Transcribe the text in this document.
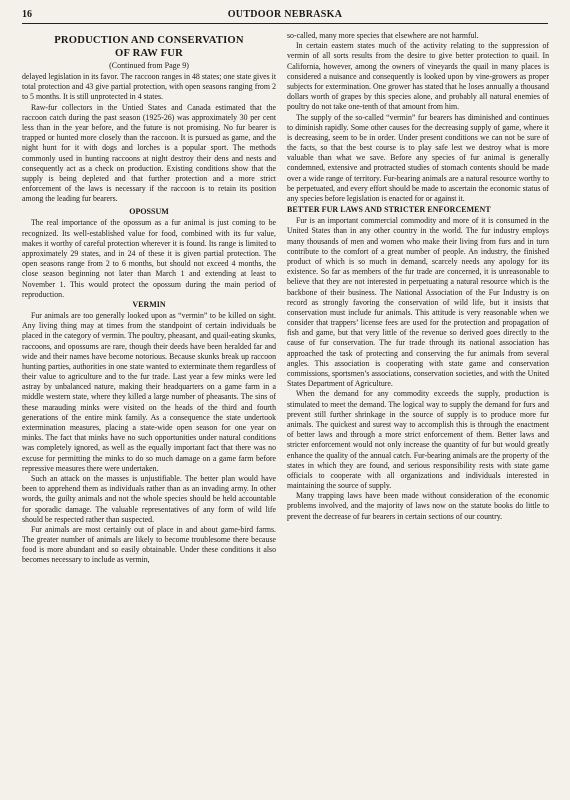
16	OUTDOOR NEBRASKA
PRODUCTION AND CONSERVATION
OF RAW FUR
(Continued from Page 9)

delayed legislation in its favor. The raccoon ranges in 48 states; one state gives it total protection and 43 give partial protection, with open seasons ranging from 2 to 5 months. It is still unprotected in 4 states.

Raw-fur collectors in the Untied States and Canada estimated that the raccoon catch during the past season (1925-26) was approximately 30 per cent less than in the year before, and the future is not promising. No fur bearer is trapped or hunted more closely than the raccoon. It is pursued as game, and the night hunt for it with dogs and lorches is a popular sport. The methods commonly used in hunting raccoons at night destroy their dens and nests and consequently act as a check on production. Existing conditions show that the supply is being depleted and that further protection and a more strict enforcement of the laws is necessary if the raccoon is to retain its position among the leading fur bearers.

OPOSSUM

The real importance of the opossum as a fur animal is just coming to be recognized. Its well-established value for food, combined with its fur value, makes it worthy of careful protection wherever it is found. Its range is limited to approximately 29 states, and in 24 of these it is given partial protection. The open seasons range from 2 to 6 months, but should not exceed 4 months, the close season beginning not later than March 1 and extending at least to November 1. This would protect the opossum during the main period of reproduction.

VERMIN

Fur animals are too generally looked upon as “vermin” to be killed on sight. Any living thing may at times from the standpoint of certain individuals be placed in the category of vermin. The poultry, pheasant, and quail-eating skunks, raccoons, and opossums are rare, though their deeds have been heralded far and wide and their names have become notorious. Because skunks break up raccoon hunting parties, authorities in one state wanted to exterminate them regardless of their value to agriculture and to the fur trade. Last year a few minks were led astray by unbalanced nature, making their headquarters on a game farm in a middle western state, where they killed a large number of pheasants. The sins of these marauding minks were visited on the heads of the third and fourth generations of the entire mink family. As a consequence the state undertook extermination measures, placing a state-wide open season for one year on minks. The fact that minks have no such opportunities under natural conditions was completely ignored, as well as the equally important fact that there was no excuse for permitting the minks to do so much damage on a game farm before repressive measures there were undertaken.

Such an attack on the masses is unjustifiable. The better plan would have been to apprehend them as individuals rather than as an invading army. In other words, the guilty animals and not the whole species should be held accountable for sporadic damage. The valuable representatives of any form of wild life should be respected rather than suspected.

Fur animals are most certainly out of place in and about game-bird farms. The greater number of animals are likely to become troublesome there because food is more abundant and so easily obtainable. Under these conditions it also becomes necessary to include as vermin,

so-called, many more species that elsewhere are not harmful.

In certain eastern states much of the activity relating to the suppression of vermin of all sorts results from the desire to give better protection to quail. In California, however, among the owners of vineyards the quail in many places is considered a nuisance and consequently is looked upon by vine-growers as proper subjects for extermination. One grower has stated that he loses annually a thousand dollars worth of grapes by this species alone, and probably all natural enemies of poultry do not take one-tenth of that amount from him.

The supply of the so-called “vermin” fur bearers has diminished and continues to diminish rapidly. Some other causes for the decreasing supply of game, where it is decreasing, seem to be in order. Under present conditions we can not be sure of the facts, so that the best course is to play safe lest we destroy what is more valuable than what we save. Before any species of fur animal is generally condemned, extensive and protracted studies of stomach contents should be made over a wide range of territory. Fur-bearing animals are a natural resource worthy to be perpetuated, and every effort should be made to ascertain the economic status of any species before legislation is enacted for or against it.

BETTER FUR LAWS AND STRICTER ENFORCEMENT

Fur is an important commercial commodity and more of it is consumed in the United States than in any other country in the world. The fur industry employs many thousands of men and women who make their living from furs and in turn contribute to the comfort of a great number of people. An industry, the finished product of which is so much in demand, scarcely needs any apology for its existence. So far as members of the fur trade are concerned, it is unreasonable to believe that they are not interested in perpetuating a natural resource which is the backbone of their business. The National Association of the Fur Industry is on record as strongly favoring the conservation of wild life, but it insists that conservation must include fur animals. This attitude is very reasonable when we consider that trappers’ license fees are used for the protection and propagation of fish and game, but that very little of the revenue so derived goes directly to the cause of fur conservation. The fur trade through its national association has approached the task of protecting and conserving the fur animals from several angles. This association is cooperating with state game and conservation commissions, sportsmen’s associations, conservation societies, and with the United States Department of Agriculture.

When the demand for any commodity exceeds the supply, production is stimulated to meet the demand. The logical way to supply the demand for furs and prevent still further shrinkage in the source of supply is to produce more fur animals. The quickest and surest way to accomplish this is through the enactment of better laws and through a more strict enforcement of them. Better laws and stricter enforcement would not only increase the quantity of fur but would greatly enhance the quality of the annual catch. Fur-bearing animals are the property of the states in which they are found, and serious responsibility rests with state game officials to cooperate with all organizations and individuals interested in maintaining the source of supply.

Many trapping laws have been made without consideration of the economic problems involved, and the majority of laws now on the statute books do little to prevent the decrease of fur bearers in certain sections of our country.
